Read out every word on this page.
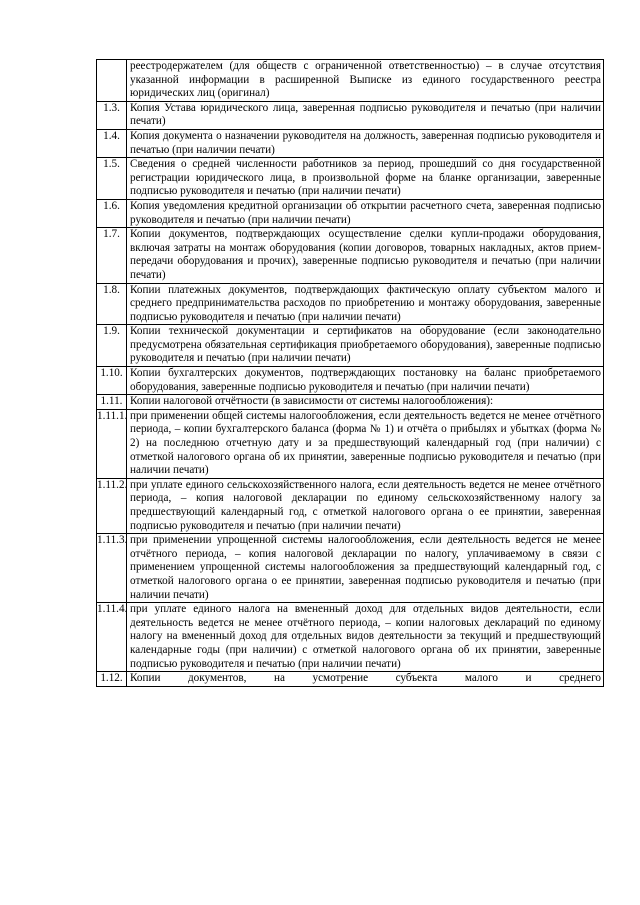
	реестродержателем (для обществ с ограниченной ответственностью) – в случае отсутствия указанной информации в расширенной Выписке из единого государственного реестра юридических лиц (оригинал)
1.3.	Копия Устава юридического лица, заверенная подписью руководителя и печатью (при наличии печати)
1.4.	Копия документа о назначении руководителя на должность, заверенная подписью руководителя и печатью (при наличии печати)
1.5.	Сведения о средней численности работников за период, прошедший со дня государственной регистрации юридического лица, в произвольной форме на бланке организации, заверенные подписью руководителя и печатью (при наличии печати)
1.6.	Копия уведомления кредитной организации об открытии расчетного счета, заверенная подписью руководителя и печатью (при наличии печати)
1.7.	Копии документов, подтверждающих осуществление сделки купли-продажи оборудования, включая затраты на монтаж оборудования (копии договоров, товарных накладных, актов прием-передачи оборудования и прочих), заверенные подписью руководителя и печатью (при наличии печати)
1.8.	Копии платежных документов, подтверждающих фактическую оплату субъектом малого и среднего предпринимательства расходов по приобретению и монтажу оборудования, заверенные подписью руководителя и печатью (при наличии печати)
1.9.	Копии технической документации и сертификатов на оборудование (если законодательно предусмотрена обязательная сертификация приобретаемого оборудования), заверенные подписью руководителя и печатью (при наличии печати)
1.10.	Копии бухгалтерских документов, подтверждающих постановку на баланс приобретаемого оборудования, заверенные подписью руководителя и печатью (при наличии печати)
1.11.	Копии налоговой отчётности (в зависимости от системы налогообложения):
1.11.1.	при применении общей системы налогообложения, если деятельность ведется не менее отчётного периода, – копии бухгалтерского баланса (форма № 1) и отчёта о прибылях и убытках (форма № 2) на последнюю отчетную дату и за предшествующий календарный год (при наличии) с отметкой налогового органа об их принятии, заверенные подписью руководителя и печатью (при наличии печати)
1.11.2.	при уплате единого сельскохозяйственного налога, если деятельность ведется не менее отчётного периода, – копия налоговой декларации по единому сельскохозяйственному налогу за предшествующий календарный год, с отметкой налогового органа о ее принятии, заверенная подписью руководителя и печатью (при наличии печати)
1.11.3.	при применении упрощенной системы налогообложения, если деятельность ведется не менее отчётного периода, – копия налоговой декларации по налогу, уплачиваемому в связи с применением упрощенной системы налогообложения за предшествующий календарный год, с отметкой налогового органа о ее принятии, заверенная подписью руководителя и печатью (при наличии печати)
1.11.4.	при уплате единого налога на вмененный доход для отдельных видов деятельности, если деятельность ведется не менее отчётного периода, – копии налоговых деклараций по единому налогу на вмененный доход для отдельных видов деятельности за текущий и предшествующий календарные годы (при наличии) с отметкой налогового органа об их принятии, заверенные подписью руководителя и печатью (при наличии печати)
1.12.	Копии документов, на усмотрение субъекта малого и среднего
